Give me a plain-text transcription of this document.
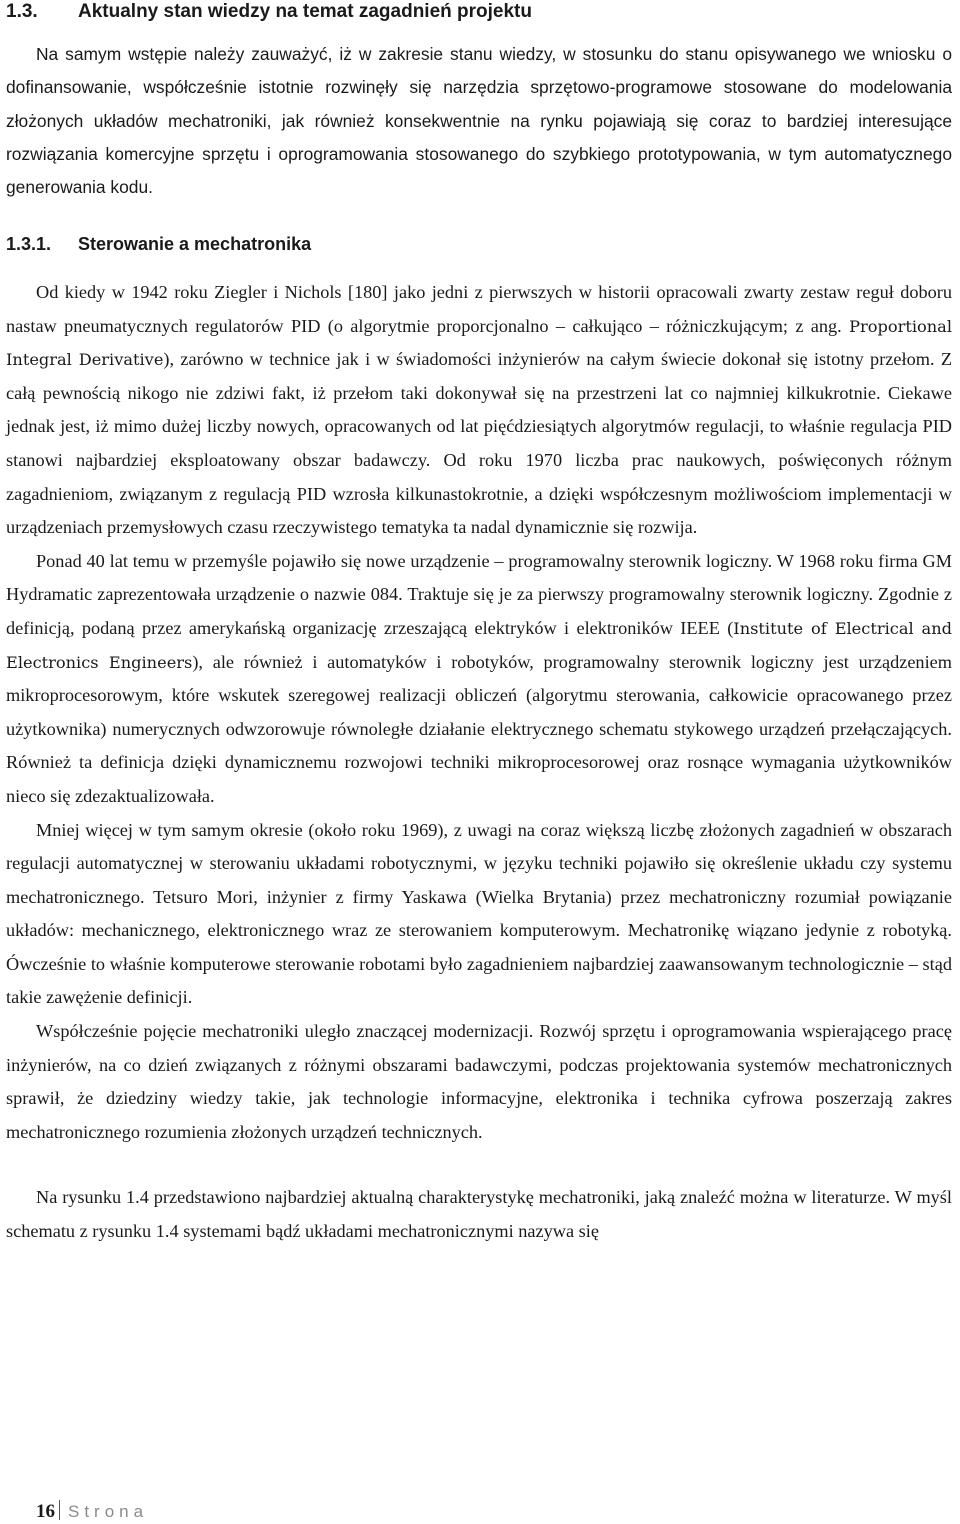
1.3. Aktualny stan wiedzy na temat zagadnień projektu

Na samym wstępie należy zauważyć, iż w zakresie stanu wiedzy, w stosunku do stanu opisywanego we wniosku o dofinansowanie, współcześnie istotnie rozwinęły się narzędzia sprzętowo-programowe stosowane do modelowania złożonych układów mechatroniki, jak również konsekwentnie na rynku pojawiają się coraz to bardziej interesujące rozwiązania komercyjne sprzętu i oprogramowania stosowanego do szybkiego prototypowania, w tym automatycznego generowania kodu.

1.3.1. Sterowanie a mechatronika

Od kiedy w 1942 roku Ziegler i Nichols [180] jako jedni z pierwszych w historii opracowali zwarty zestaw reguł doboru nastaw pneumatycznych regulatorów PID (o algorytmie proporcjonalno – całkująco – różniczkującym; z ang. Proportional Integral Derivative), zarówno w technice jak i w świadomości inżynierów na całym świecie dokonał się istotny przełom. Z całą pewnością nikogo nie zdziwi fakt, iż przełom taki dokonywał się na przestrzeni lat co najmniej kilkukrotnie. Ciekawe jednak jest, iż mimo dużej liczby nowych, opracowanych od lat pięćdziesiątych algorytmów regulacji, to właśnie regulacja PID stanowi najbardziej eksploatowany obszar badawczy. Od roku 1970 liczba prac naukowych, poświęconych różnym zagadnieniom, związanym z regulacją PID wzrosła kilkunastokrotnie, a dzięki współczesnym możliwościom implementacji w urządzeniach przemysłowych czasu rzeczywistego tematyka ta nadal dynamicznie się rozwija.

Ponad 40 lat temu w przemyśle pojawiło się nowe urządzenie – programowalny sterownik logiczny. W 1968 roku firma GM Hydramatic zaprezentowała urządzenie o nazwie 084. Traktuje się je za pierwszy programowalny sterownik logiczny. Zgodnie z definicją, podaną przez amerykańską organizację zrzeszającą elektryków i elektroników IEEE (Institute of Electrical and Electronics Engineers), ale również i automatyków i robotyków, programowalny sterownik logiczny jest urządzeniem mikroprocesorowym, które wskutek szeregowej realizacji obliczeń (algorytmu sterowania, całkowicie opracowanego przez użytkownika) numerycznych odwzorowuje równoległe działanie elektrycznego schematu stykowego urządzeń przełączających. Również ta definicja dzięki dynamicznemu rozwojowi techniki mikroprocesorowej oraz rosnące wymagania użytkowników nieco się zdezaktualizowała.

Mniej więcej w tym samym okresie (około roku 1969), z uwagi na coraz większą liczbę złożonych zagadnień w obszarach regulacji automatycznej w sterowaniu układami robotycznymi, w języku techniki pojawiło się określenie układu czy systemu mechatronicznego. Tetsuro Mori, inżynier z firmy Yaskawa (Wielka Brytania) przez mechatroniczny rozumiał powiązanie układów: mechanicznego, elektronicznego wraz ze sterowaniem komputerowym. Mechatronikę wiązano jedynie z robotyką. Ówcześnie to właśnie komputerowe sterowanie robotami było zagadnieniem najbardziej zaawansowanym technologicznie – stąd takie zawężenie definicji.

Współcześnie pojęcie mechatroniki uległo znaczącej modernizacji. Rozwój sprzętu i oprogramowania wspierającego pracę inżynierów, na co dzień związanych z różnymi obszarami badawczymi, podczas projektowania systemów mechatronicznych sprawił, że dziedziny wiedzy takie, jak technologie informacyjne, elektronika i technika cyfrowa poszerzają zakres mechatronicznego rozumienia złożonych urządzeń technicznych.

Na rysunku 1.4 przedstawiono najbardziej aktualną charakterystykę mechatroniki, jaką znaleźć można w literaturze. W myśl schematu z rysunku 1.4 systemami bądź układami mechatronicznymi nazywa się

16 Strona
